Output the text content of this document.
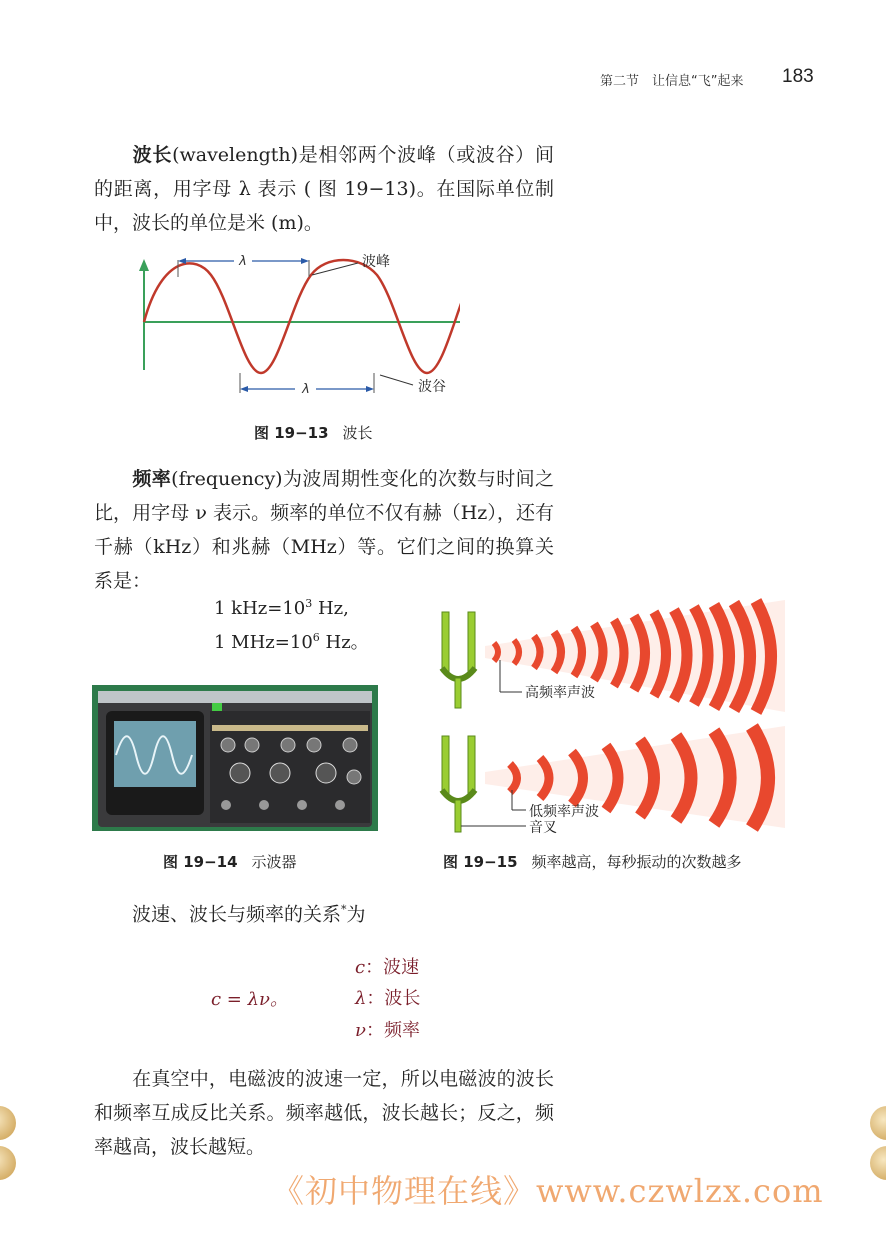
第二节　让信息“飞”起来 183
波长(wavelength)是相邻两个波峰（或波谷）间的距离，用字母 λ 表示 ( 图 19−13)。在国际单位制中，波长的单位是米 (m)。
λ
λ
波峰
波谷
图 19−13 波长
频率(frequency)为波周期性变化的次数与时间之比，用字母 ν 表示。频率的单位不仅有赫（Hz），还有千赫（kHz）和兆赫（MHz）等。它们之间的换算关系是：
1 $kHz=10^3$ Hz,
1 $MHz=10^6$ Hz。
图 19−14 示波器
高频率声波
低频率声波
音叉
图 19−15 频率越高，每秒振动的次数越多
波速、波长与频率的关系*为
c = λν。
c：波速
λ：波长
ν：频率
在真空中，电磁波的波速一定，所以电磁波的波长和频率互成反比关系。频率越低，波长越长；反之，频率越高，波长越短。
《初中物理在线》www.czwlzx.com
